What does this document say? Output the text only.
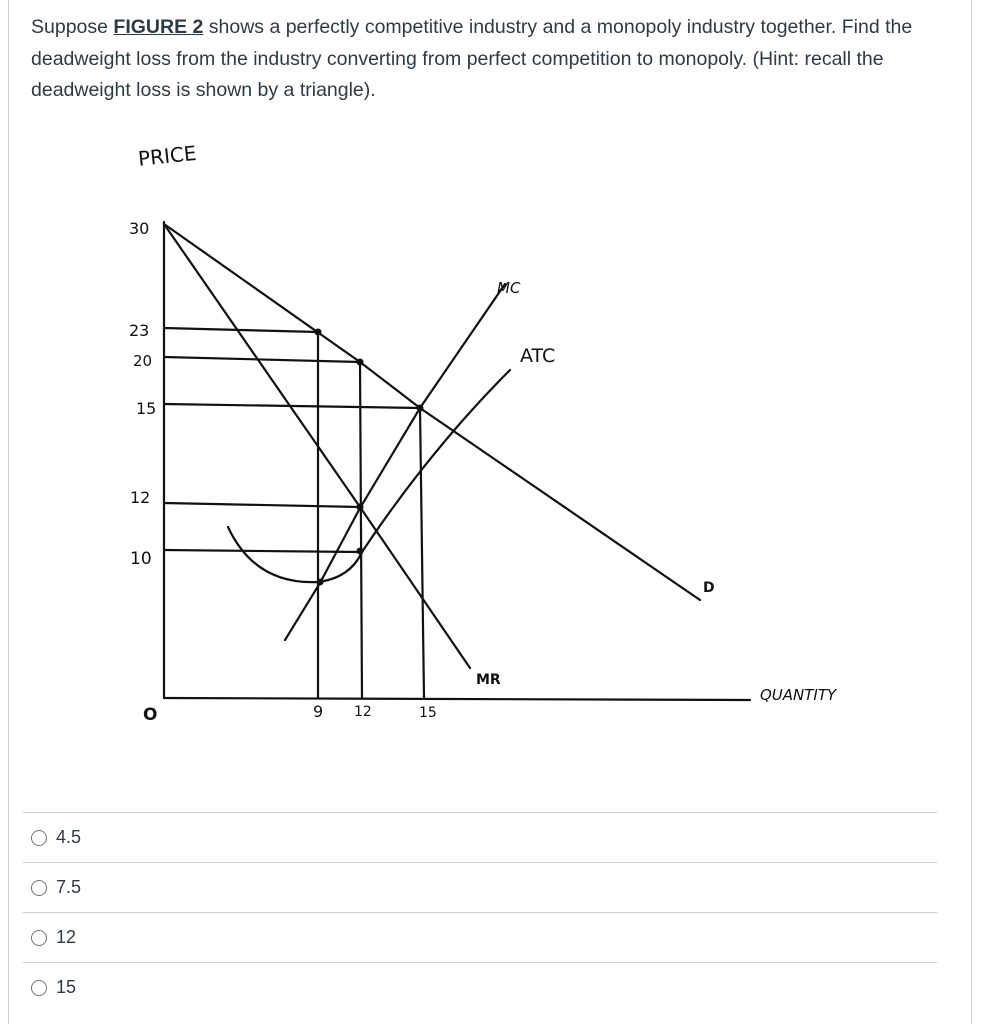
Suppose FIGURE 2 shows a perfectly competitive industry and a monopoly industry together. Find the deadweight loss from the industry converting from perfect competition to monopoly. (Hint: recall the deadweight loss is shown by a triangle).
PRICE
QUANTITY
30
23
20
15
12
10
O	9 12	15
MC
ATC
D
MR
4.5
7.5
12
15
